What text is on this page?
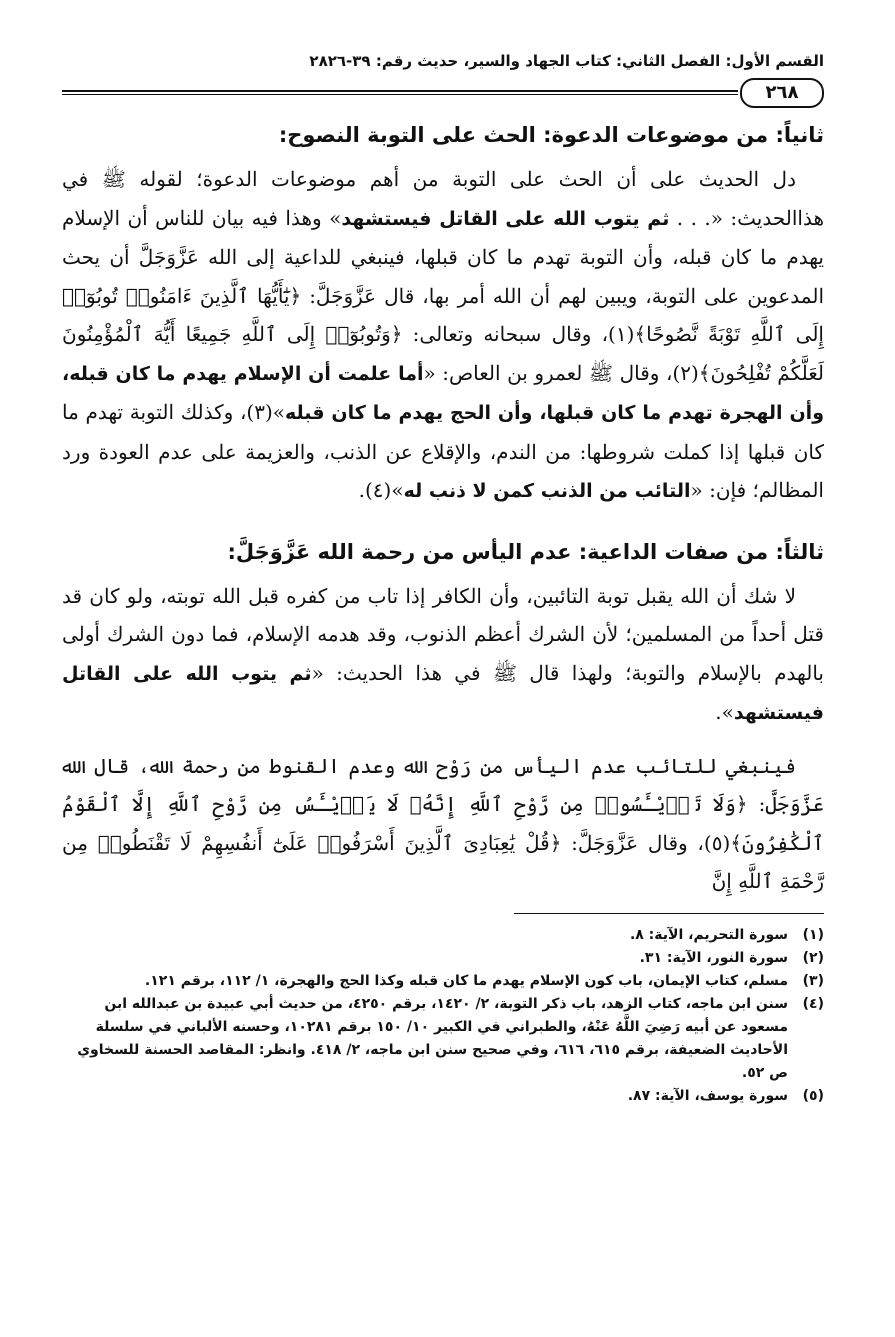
القسم الأول: الفصل الثاني: كتاب الجهاد والسير، حديث رقم: ٣٩-٢٨٢٦
٢٦٨
ثانياً: من موضوعات الدعوة: الحث على التوبة النصوح:

دل الحديث على أن الحث على التوبة من أهم موضوعات الدعوة؛ لقوله ﷺ في هذاالحديث: «. . . ثم يتوب الله على القاتل فيستشهد» وهذا فيه بيان للناس أن الإسلام يهدم ما كان قبله، وأن التوبة تهدم ما كان قبلها، فينبغي للداعية إلى الله عَزَّوَجَلَّ أن يحث المدعوين على التوبة، ويبين لهم أن الله أمر بها، قال عَزَّوَجَلَّ: ﴿يَٰٓأَيُّهَا ٱلَّذِينَ ءَامَنُوا۟ تُوبُوٓا۟ إِلَى ٱللَّهِ تَوْبَةً نَّصُوحًا﴾(١)، وقال سبحانه وتعالى: ﴿وَتُوبُوٓا۟ إِلَى ٱللَّهِ جَمِيعًا أَيُّهَ ٱلْمُؤْمِنُونَ لَعَلَّكُمْ تُفْلِحُونَ﴾(٢)، وقال ﷺ لعمرو بن العاص: «أما علمت أن الإسلام يهدم ما كان قبله، وأن الهجرة تهدم ما كان قبلها، وأن الحج يهدم ما كان قبله»(٣)، وكذلك التوبة تهدم ما كان قبلها إذا كملت شروطها: من الندم، والإقلاع عن الذنب، والعزيمة على عدم العودة ورد المظالم؛ فإن: «التائب من الذنب كمن لا ذنب له»(٤).

ثالثاً: من صفات الداعية: عدم اليأس من رحمة الله عَزَّوَجَلَّ:

لا شك أن الله يقبل توبة التائبين، وأن الكافر إذا تاب من كفره قبل الله توبته، ولو كان قد قتل أحداً من المسلمين؛ لأن الشرك أعظم الذنوب، وقد هدمه الإسلام، فما دون الشرك أولى بالهدم بالإسلام والتوبة؛ ولهذا قال ﷺ في هذا الحديث: «ثم يتوب الله على القاتل فيستشهد».

فينبغي للتائب عدم اليأس من رَوْح الله وعدم القنوط من رحمة الله، قال الله عَزَّوَجَلَّ: ﴿وَلَا تَا۟يْـَٔسُوا۟ مِن رَّوْحِ ٱللَّهِ إِنَّهُۥ لَا يَا۟يْـَٔسُ مِن رَّوْحِ ٱللَّهِ إِلَّا ٱلْقَوْمُ ٱلْكَٰفِرُونَ﴾(٥)، وقال عَزَّوَجَلَّ: ﴿قُلْ يَٰعِبَادِىَ ٱلَّذِينَ أَسْرَفُوا۟ عَلَىٰٓ أَنفُسِهِمْ لَا تَقْنَطُوا۟ مِن رَّحْمَةِ ٱللَّهِ إِنَّ

(١)
سورة التحريم، الآية: ٨.
(٢)
سورة النور، الآية: ٣١.
(٣)
مسلم، كتاب الإيمان، باب كون الإسلام يهدم ما كان قبله وكذا الحج والهجرة، ١/ ١١٢، برقم ١٢١.
(٤)
سنن ابن ماجه، كتاب الزهد، باب ذكر التوبة، ٢/ ١٤٢٠، برقم ٤٢٥٠، من حديث أبي عبيدة بن عبدالله ابن مسعود عن أبيه رَضِيَ اللَّهُ عَنْهُ، والطبراني في الكبير ١٠/ ١٥٠ برقم ١٠٢٨١، وحسنه الألباني في سلسلة الأحاديث الضعيفة، برقم ٦١٥، ٦١٦، وفي صحيح سنن ابن ماجه، ٢/ ٤١٨. وانظر: المقاصد الحسنة للسخاوي ص ٥٢.
(٥)
سورة يوسف، الآية: ٨٧.
